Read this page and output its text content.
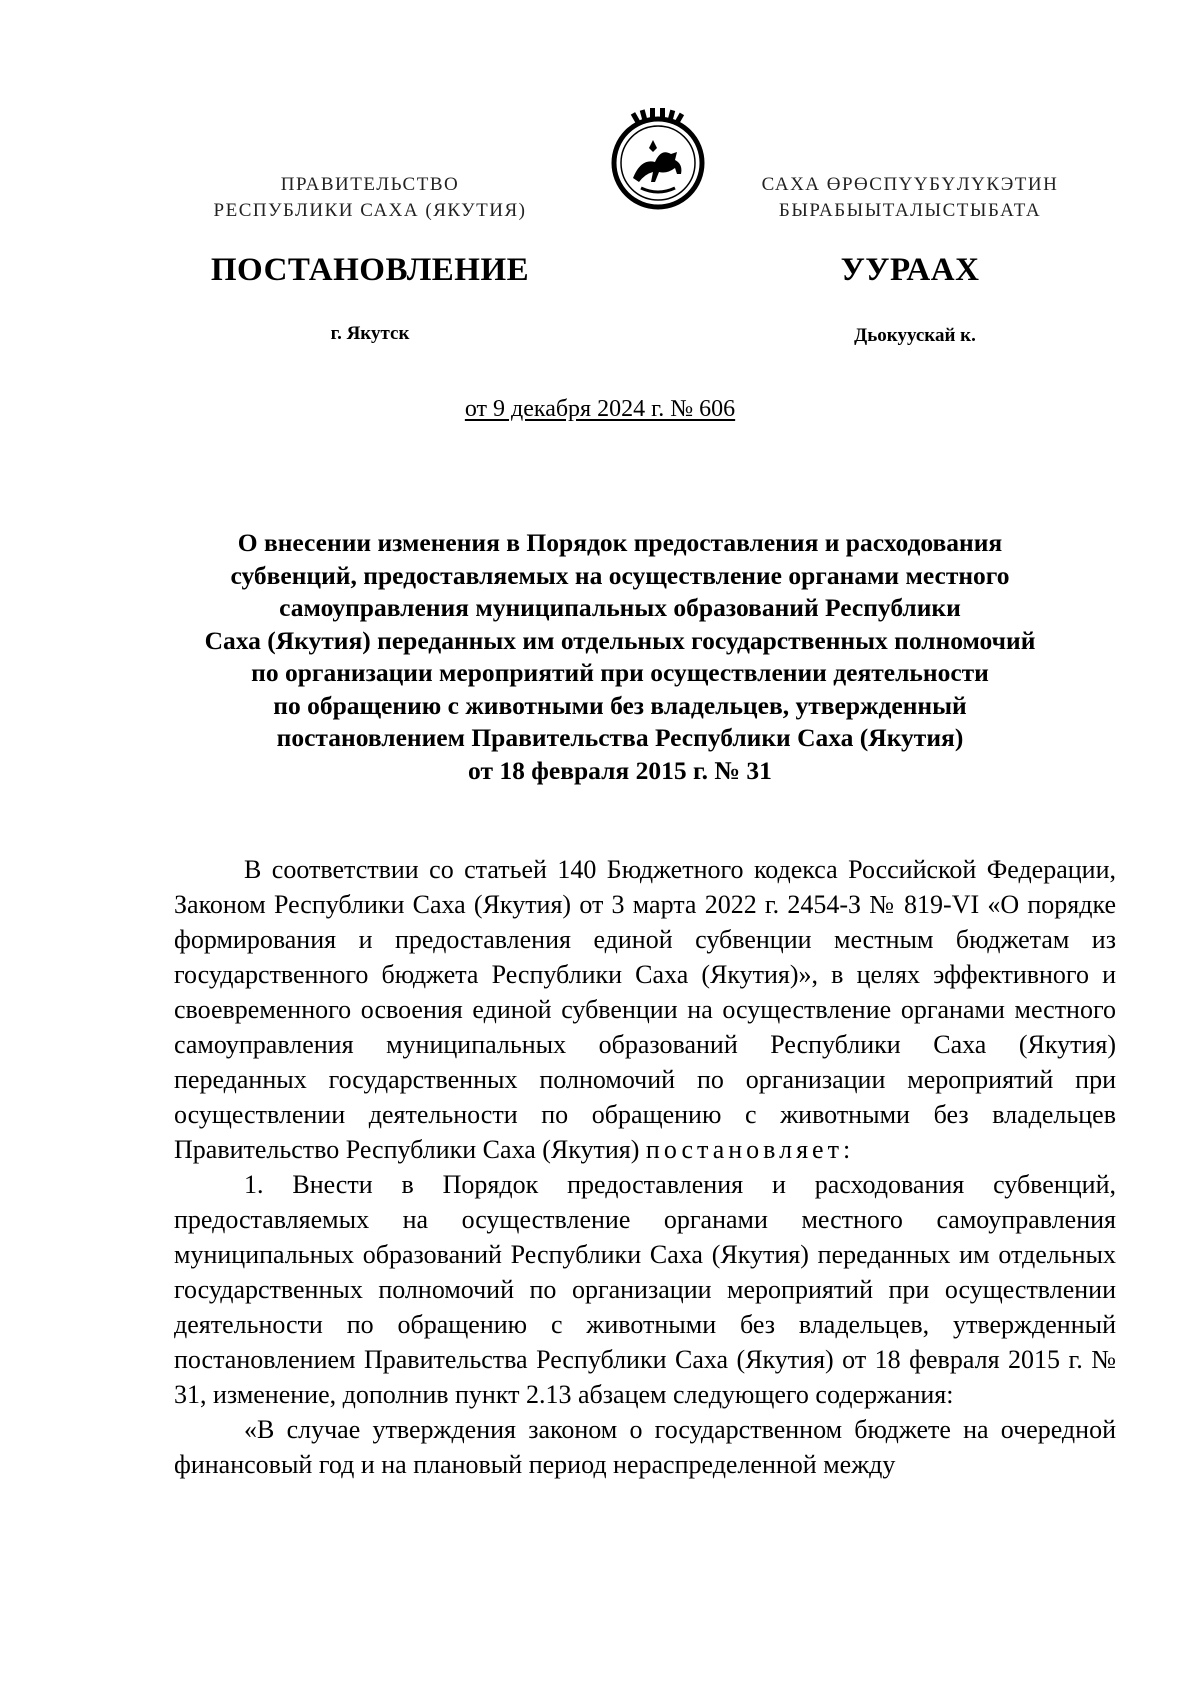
ПРАВИТЕЛЬСТВО
РЕСПУБЛИКИ САХА (ЯКУТИЯ)
САХА ӨРӨСПҮҮБҮЛҮКЭТИН
БЫРАБЫЫТАЛЫСТЫБАТА
ПОСТАНОВЛЕНИЕ	УУРААХ
г. Якутск	Дьокуускай к.
от 9 декабря 2024 г. № 606
О внесении изменения в Порядок предоставления и расходования
субвенций, предоставляемых на осуществление органами местного
самоуправления муниципальных образований Республики
Саха (Якутия) переданных им отдельных государственных полномочий
по организации мероприятий при осуществлении деятельности
по обращению с животными без владельцев, утвержденный
постановлением Правительства Республики Саха (Якутия)
от 18 февраля 2015 г. № 31

В соответствии со статьей 140 Бюджетного кодекса Российской Федерации, Законом Республики Саха (Якутия) от 3 марта 2022 г. 2454-З № 819-VI «О порядке формирования и предоставления единой субвенции местным бюджетам из государственного бюджета Республики Саха (Якутия)», в целях эффективного и своевременного освоения единой субвенции на осуществление органами местного самоуправления муниципальных образований Республики Саха (Якутия) переданных государственных полномочий по организации мероприятий при осуществлении деятельности по обращению с животными без владельцев Правительство Республики Саха (Якутия) постановляет:

1. Внести в Порядок предоставления и расходования субвенций, предоставляемых на осуществление органами местного самоуправления муниципальных образований Республики Саха (Якутия) переданных им отдельных государственных полномочий по организации мероприятий при осуществлении деятельности по обращению с животными без владельцев, утвержденный постановлением Правительства Республики Саха (Якутия) от 18 февраля 2015 г. № 31, изменение, дополнив пункт 2.13 абзацем следующего содержания:

«В случае утверждения законом о государственном бюджете на очередной финансовый год и на плановый период нераспределенной между
